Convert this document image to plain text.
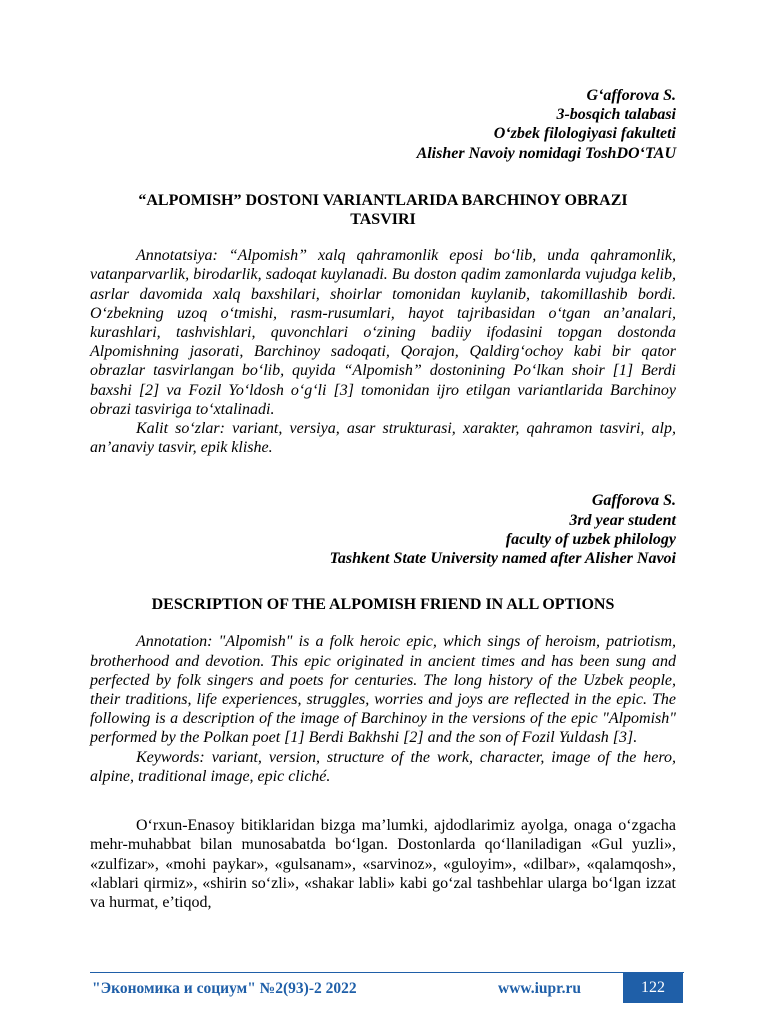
G‘afforova S.
3-bosqich talabasi
O‘zbek filologiyasi fakulteti
Alisher Navoiy nomidagi ToshDO‘TAU
“ALPOMISH” DOSTONI VARIANTLARIDA BARCHINOY OBRAZI
TASVIRI

Annotatsiya: “Alpomish” xalq qahramonlik eposi bo‘lib, unda qahramonlik, vatanparvarlik, birodarlik, sadoqat kuylanadi. Bu doston qadim zamonlarda vujudga kelib, asrlar davomida xalq baxshilari, shoirlar tomonidan kuylanib, takomillashib bordi. O‘zbekning uzoq o‘tmishi, rasm-rusumlari, hayot tajribasidan o‘tgan an’analari, kurashlari, tashvishlari, quvonchlari o‘zining badiiy ifodasini topgan dostonda Alpomishning jasorati, Barchinoy sadoqati, Qorajon, Qaldirg‘ochoy kabi bir qator obrazlar tasvirlangan bo‘lib, quyida “Alpomish” dostonining Po‘lkan shoir [1] Berdi baxshi [2] va Fozil Yo‘ldosh o‘g‘li [3] tomonidan ijro etilgan variantlarida Barchinoy obrazi tasviriga to‘xtalinadi.

Kalit so‘zlar: variant, versiya, asar strukturasi, xarakter, qahramon tasviri, alp, an’anaviy tasvir, epik klishe.

Gafforova S.
3rd year student
faculty of uzbek philology
Tashkent State University named after Alisher Navoi
DESCRIPTION OF THE ALPOMISH FRIEND IN ALL OPTIONS

Annotation: "Alpomish" is a folk heroic epic, which sings of heroism, patriotism, brotherhood and devotion. This epic originated in ancient times and has been sung and perfected by folk singers and poets for centuries. The long history of the Uzbek people, their traditions, life experiences, struggles, worries and joys are reflected in the epic. The following is a description of the image of Barchinoy in the versions of the epic "Alpomish" performed by the Polkan poet [1] Berdi Bakhshi [2] and the son of Fozil Yuldash [3].

Keywords: variant, version, structure of the work, character, image of the hero, alpine, traditional image, epic cliché.

O‘rxun-Enasoy bitiklaridan bizga ma’lumki, ajdodlarimiz ayolga, onaga o‘zgacha mehr-muhabbat bilan munosabatda bo‘lgan. Dostonlarda qo‘llaniladigan «Gul yuzli», «zulfizar», «mohi paykar», «gulsanam», «sarvinoz», «guloyim», «dilbar», «qalamqosh», «lablari qirmiz», «shirin so‘zli», «shakar labli» kabi go‘zal tashbehlar ularga bo‘lgan izzat va hurmat, e’tiqod,

"Экономика и социум" №2(93)-2 2022	www.iupr.ru	122
